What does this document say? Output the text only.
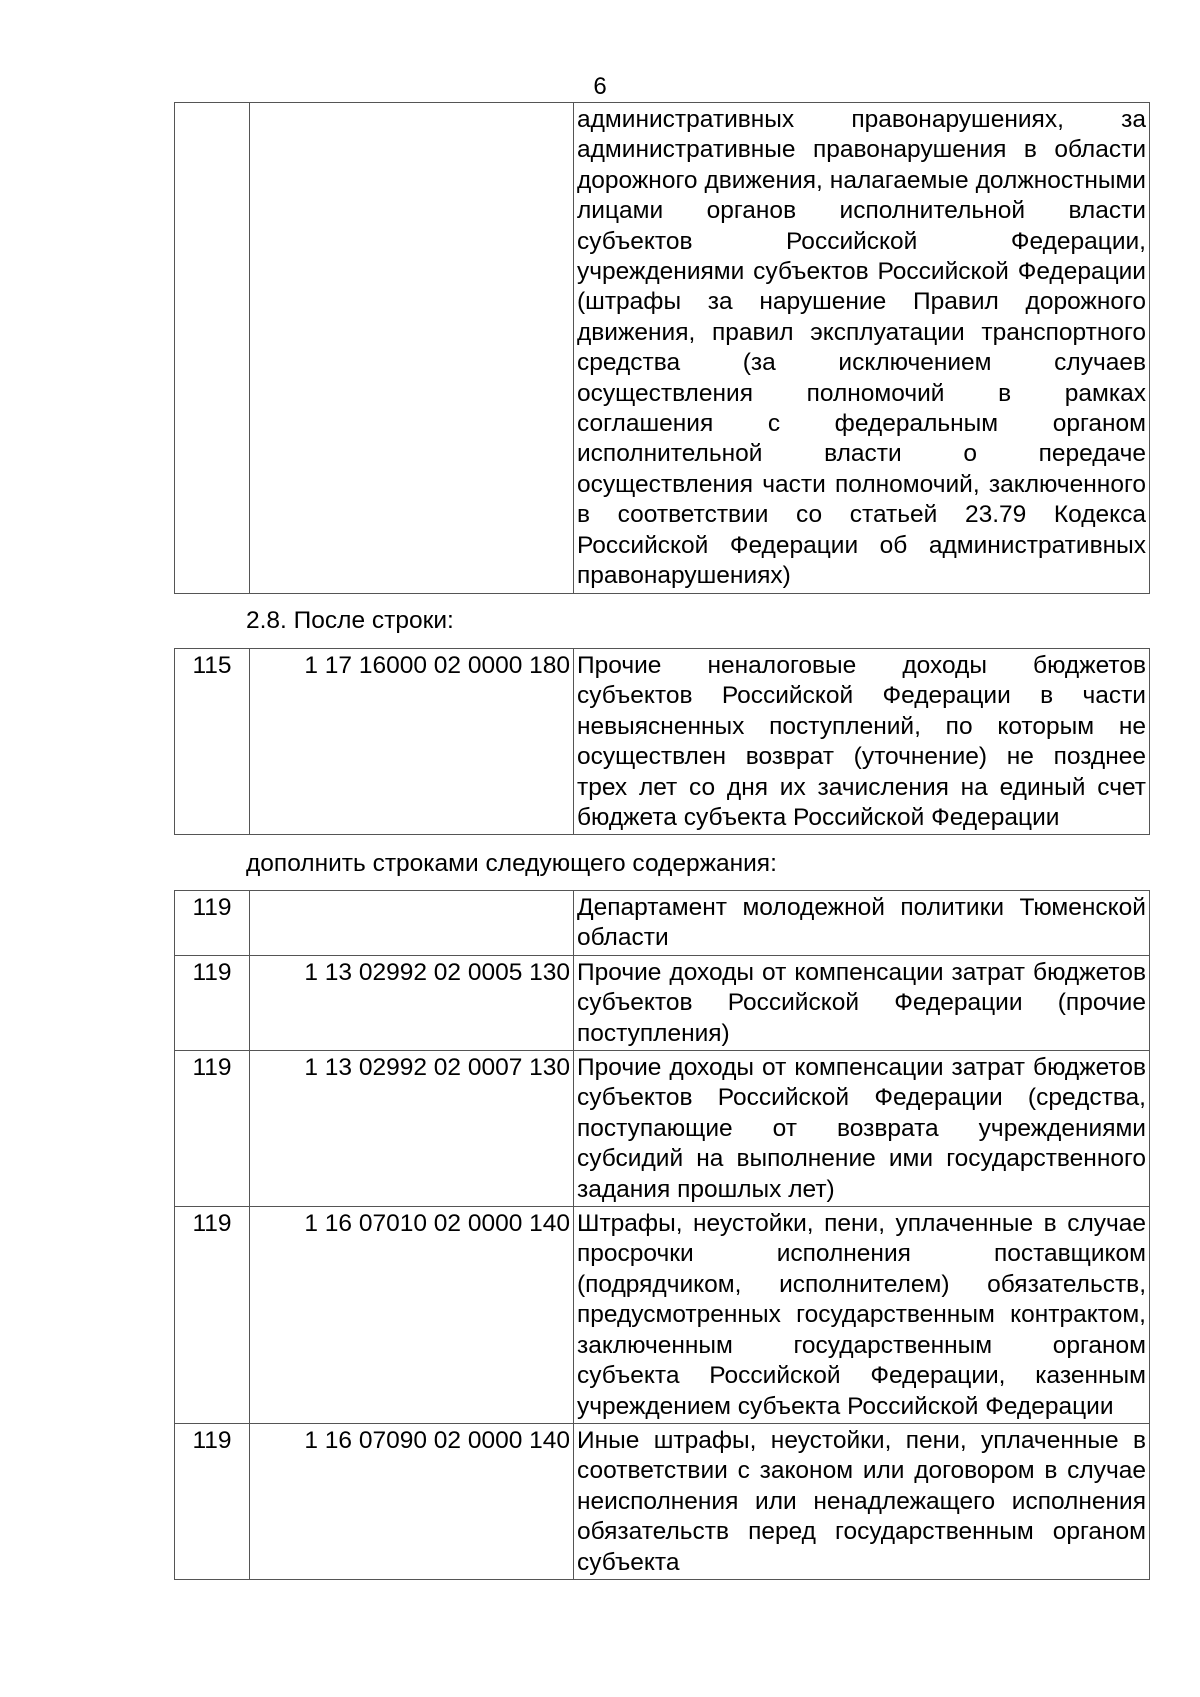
6
		административных правонарушениях, за административные правонарушения в области дорожного движения, налагаемые должностными лицами органов исполнительной власти субъектов Российской Федерации, учреждениями субъектов Российской Федерации (штрафы за нарушение Правил дорожного движения, правил эксплуатации транспортного средства (за исключением случаев осуществления полномочий в рамках соглашения с федеральным органом исполнительной власти о передаче осуществления части полномочий, заключенного в соответствии со статьей 23.79 Кодекса Российской Федерации об административных правонарушениях)
2.8. После строки:
115	1 17 16000 02 0000 180	Прочие неналоговые доходы бюджетов субъектов Российской Федерации в части невыясненных поступлений, по которым не осуществлен возврат (уточнение) не позднее трех лет со дня их зачисления на единый счет бюджета субъекта Российской Федерации
дополнить строками следующего содержания:
119		Департамент молодежной политики Тюменской области
119	1 13 02992 02 0005 130	Прочие доходы от компенсации затрат бюджетов субъектов Российской Федерации (прочие поступления)
119	1 13 02992 02 0007 130	Прочие доходы от компенсации затрат бюджетов субъектов Российской Федерации (средства, поступающие от возврата учреждениями субсидий на выполнение ими государственного задания прошлых лет)
119	1 16 07010 02 0000 140	Штрафы, неустойки, пени, уплаченные в случае просрочки исполнения поставщиком (подрядчиком, исполнителем) обязательств, предусмотренных государственным контрактом, заключенным государственным органом субъекта Российской Федерации, казенным учреждением субъекта Российской Федерации
119	1 16 07090 02 0000 140	Иные штрафы, неустойки, пени, уплаченные в соответствии с законом или договором в случае неисполнения или ненадлежащего исполнения обязательств перед государственным органом субъекта
